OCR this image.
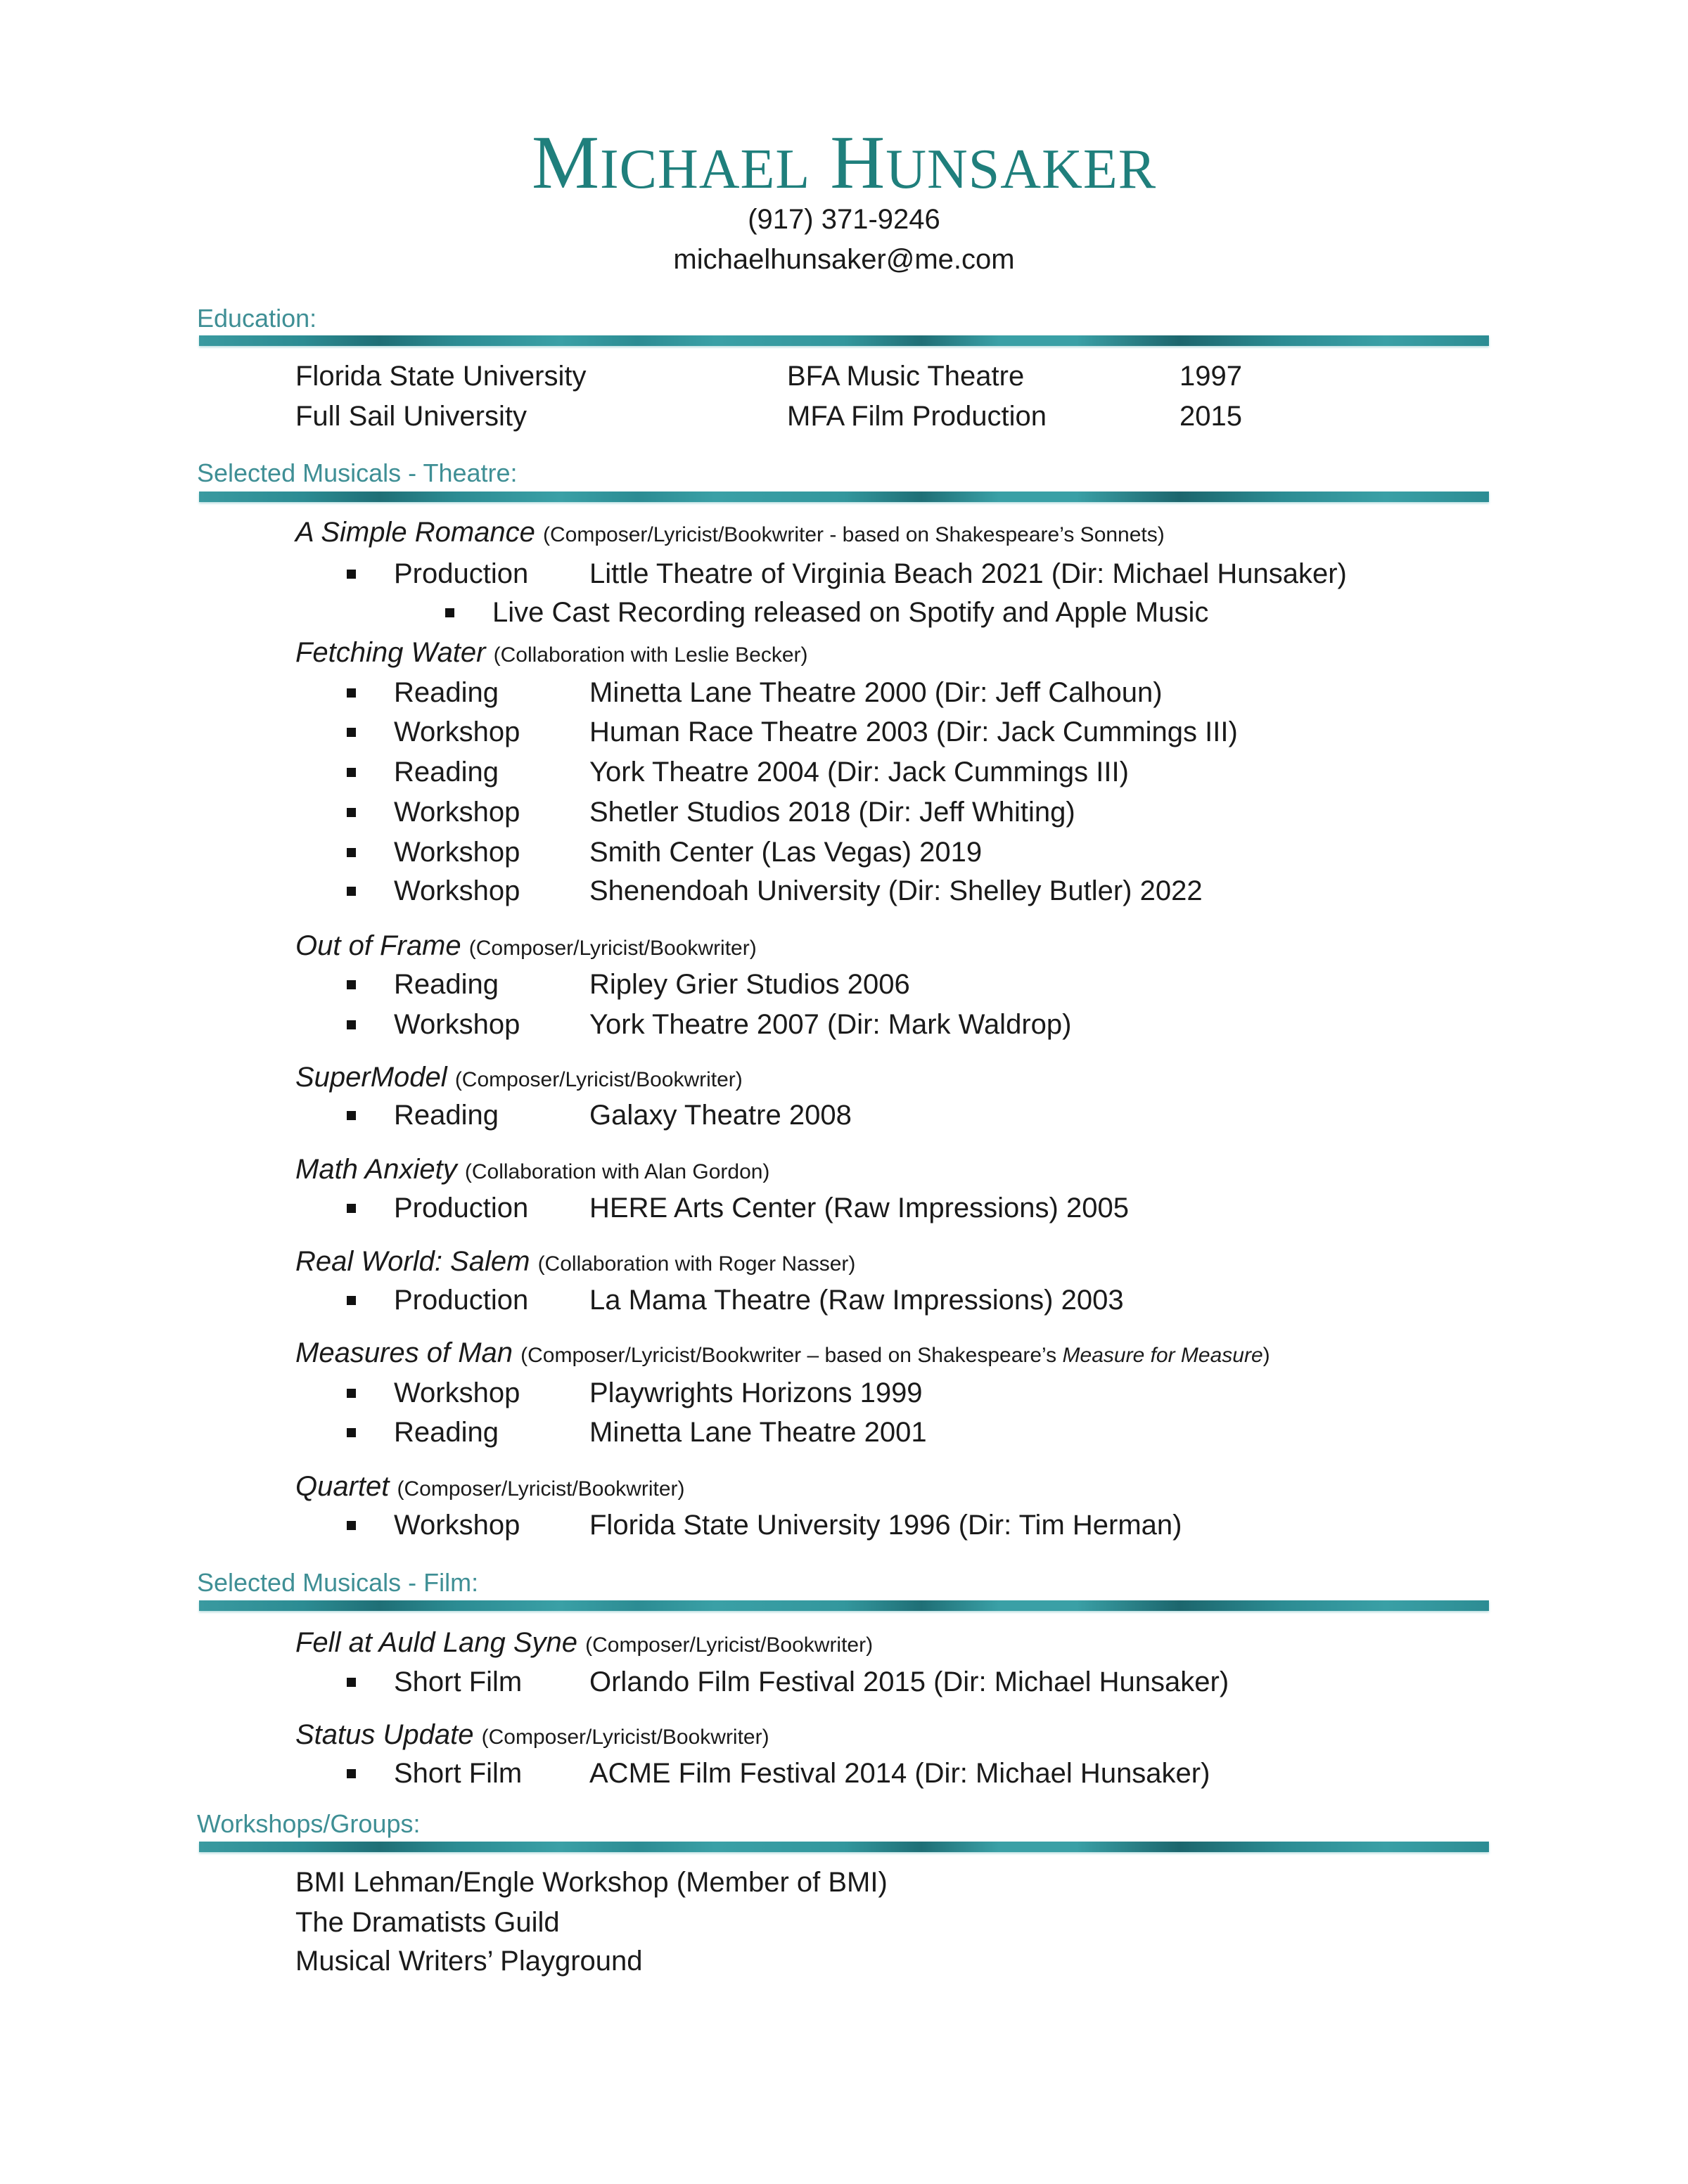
MICHAEL HUNSAKER
(917) 371-9246
michaelhunsaker@me.com
Education:
Florida State University	BFA Music Theatre	1997
Full Sail University	MFA Film Production	2015
Selected Musicals - Theatre:
A Simple Romance (Composer/Lyricist/Bookwriter - based on Shakespeare’s Sonnets)
Production Little Theatre of Virginia Beach 2021 (Dir: Michael Hunsaker)
Live Cast Recording released on Spotify and Apple Music
Fetching Water (Collaboration with Leslie Becker)
Reading	Minetta Lane Theatre 2000 (Dir: Jeff Calhoun)
Workshop Human Race Theatre 2003 (Dir: Jack Cummings III)
Reading	York Theatre 2004 (Dir: Jack Cummings III)
Workshop Shetler Studios 2018 (Dir: Jeff Whiting)
Workshop Smith Center (Las Vegas) 2019
Workshop Shenendoah University (Dir: Shelley Butler) 2022
Out of Frame (Composer/Lyricist/Bookwriter)
Reading	Ripley Grier Studios 2006
Workshop York Theatre 2007 (Dir: Mark Waldrop)
SuperModel (Composer/Lyricist/Bookwriter)
Reading	Galaxy Theatre 2008
Math Anxiety (Collaboration with Alan Gordon)
Production HERE Arts Center (Raw Impressions) 2005
Real World: Salem (Collaboration with Roger Nasser)
Production La Mama Theatre (Raw Impressions) 2003
Measures of Man (Composer/Lyricist/Bookwriter – based on Shakespeare’s Measure for Measure)
Workshop Playwrights Horizons 1999
Reading	Minetta Lane Theatre 2001
Quartet (Composer/Lyricist/Bookwriter)
Workshop Florida State University 1996 (Dir: Tim Herman)
Selected Musicals - Film:
Fell at Auld Lang Syne (Composer/Lyricist/Bookwriter)
Short Film Orlando Film Festival 2015 (Dir: Michael Hunsaker)
Status Update (Composer/Lyricist/Bookwriter)
Short Film ACME Film Festival 2014 (Dir: Michael Hunsaker)
Workshops/Groups:
BMI Lehman/Engle Workshop (Member of BMI)
The Dramatists Guild
Musical Writers’ Playground
